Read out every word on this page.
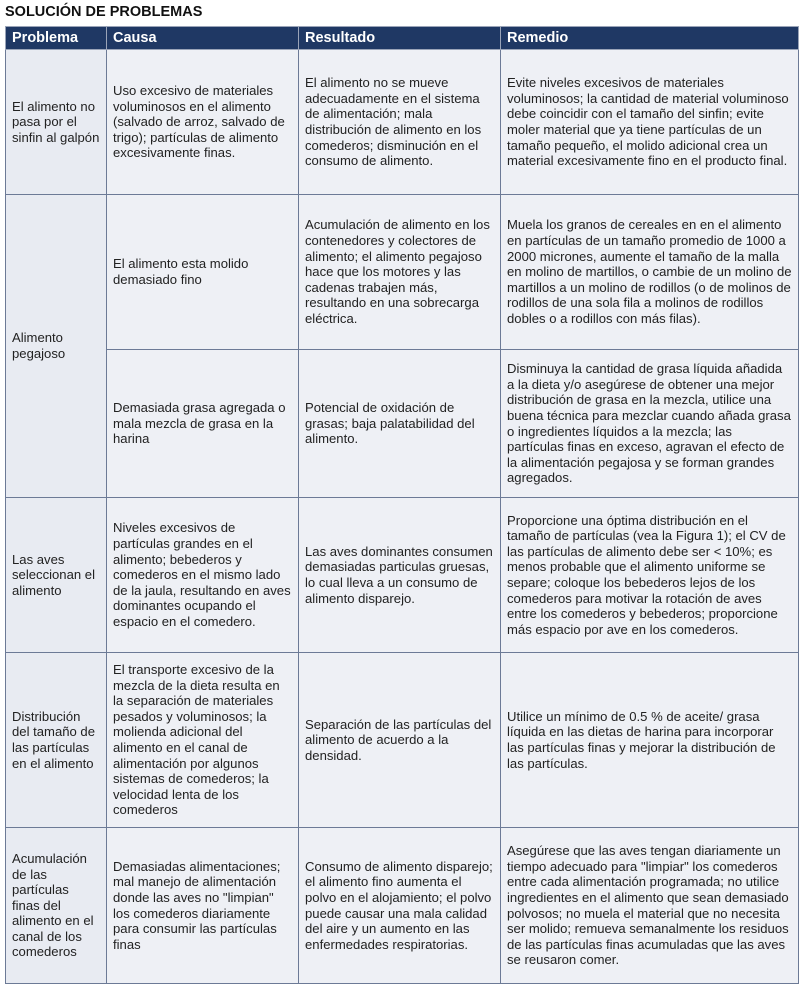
SOLUCIÓN DE PROBLEMAS
Problema	Causa	Resultado	Remedio
El alimento no pasa por el sinfin al galpón	Uso excesivo de materiales voluminosos en el alimento (salvado de arroz, salvado de trigo); partículas de alimento excesivamente finas.	El alimento no se mueve adecuadamente en el sistema de alimentación; mala distribución de alimento en los comederos; disminución en el consumo de alimento.	Evite niveles excesivos de materiales voluminosos; la cantidad de material voluminoso debe coincidir con el tamaño del sinfin; evite moler material que ya tiene partículas de un tamaño pequeño, el molido adicional crea un material excesivamente fino en el producto final.
Alimento pegajoso	El alimento esta molido demasiado fino	Acumulación de alimento en los contenedores y colectores de alimento; el alimento pegajoso hace que los motores y las cadenas trabajen más, resultando en una sobrecarga eléctrica.	Muela los granos de cereales en en el alimento en partículas de un tamaño promedio de 1000 a 2000 micrones, aumente el tamaño de la malla en molino de martillos, o cambie de un molino de martillos a un molino de rodillos (o de molinos de rodillos de una sola fila a molinos de rodillos dobles o a rodillos con más filas).
	Demasiada grasa agregada o mala mezcla de grasa en la harina	Potencial de oxidación de grasas; baja palatabilidad del alimento.	Disminuya la cantidad de grasa líquida añadida a la dieta y/o asegúrese de obtener una mejor distribución de grasa en la mezcla, utilice una buena técnica para mezclar cuando añada grasa o ingredientes líquidos a la mezcla; las partículas finas en exceso, agravan el efecto de la alimentación pegajosa y se forman grandes agregados.
Las aves seleccionan el alimento	Niveles excesivos de partículas grandes en el alimento; bebederos y comederos en el mismo lado de la jaula, resultando en aves dominantes ocupando el espacio en el comedero.	Las aves dominantes consumen demasiadas particulas gruesas, lo cual lleva a un consumo de alimento disparejo.	Proporcione una óptima distribución en el tamaño de partículas (vea la Figura 1); el CV de las partículas de alimento debe ser < 10%; es menos probable que el alimento uniforme se separe; coloque los bebederos lejos de los comederos para motivar la rotación de aves entre los comederos y bebederos; proporcione más espacio por ave en los comederos.
Distribución del tamaño de las partículas en el alimento	El transporte excesivo de la mezcla de la dieta resulta en la separación de materiales pesados y voluminosos; la molienda adicional del alimento en el canal de alimentación por algunos sistemas de comederos; la velocidad lenta de los comederos	Separación de las partículas del alimento de acuerdo a la densidad.	Utilice un mínimo de 0.5 % de aceite/ grasa líquida en las dietas de harina para incorporar las partículas finas y mejorar la distribución de las partículas.
Acumulación de las partículas finas del alimento en el canal de los comederos	Demasiadas alimentaciones; mal manejo de alimentación donde las aves no "limpian" los comederos diariamente para consumir las partículas finas	Consumo de alimento disparejo; el alimento fino aumenta el polvo en el alojamiento; el polvo puede causar una mala calidad del aire y un aumento en las enfermedades respiratorias.	Asegúrese que las aves tengan diariamente un tiempo adecuado para "limpiar" los comederos entre cada alimentación programada; no utilice ingredientes en el alimento que sean demasiado polvosos; no muela el material que no necesita ser molido; remueva semanalmente los residuos de las partículas finas acumuladas que las aves se reusaron comer.
